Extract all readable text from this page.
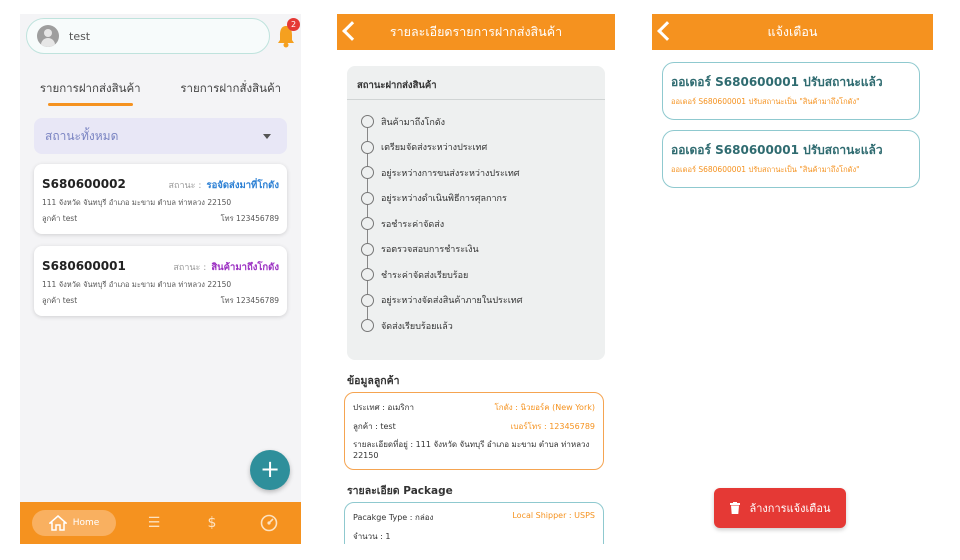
test
2
รายการฝากส่งสินค้า	รายการฝากสั่งสินค้า
สถานะทั้งหมด
S680600002	สถานะ : รอจัดส่งมาที่โกดัง
111 จังหวัด จันทบุรี อำเภอ มะขาม ตำบล ท่าหลวง 22150
ลูกค้า test	โทร 123456789
S680600001	สถานะ : สินค้ามาถึงโกดัง
111 จังหวัด จันทบุรี อำเภอ มะขาม ตำบล ท่าหลวง 22150
ลูกค้า test	โทร 123456789
+
Home	☰	$
รายละเอียดรายการฝากส่งสินค้า
สถานะฝากส่งสินค้า
สินค้ามาถึงโกดัง
เตรียมจัดส่งระหว่างประเทศ
อยู่ระหว่างการขนส่งระหว่างประเทศ
อยู่ระหว่างดำเนินพิธีการศุลกากร
รอชำระค่าจัดส่ง
รอตรวจสอบการชำระเงิน
ชำระค่าจัดส่งเรียบร้อย
อยู่ระหว่างจัดส่งสินค้าภายในประเทศ
จัดส่งเรียบร้อยแล้ว
ข้อมูลลูกค้า
ประเทศ : อเมริกา	โกดัง : นิวยอร์ค (New York)
ลูกค้า : test	เบอร์โทร : 123456789
รายละเอียดที่อยู่ : 111 จังหวัด จันทบุรี อำเภอ มะขาม ตำบล ท่าหลวง 22150
รายละเอียด Package
Pacakge Type : กล่อง	Local Shipper : USPS
จำนวน : 1
แจ้งเตือน
ออเดอร์ S680600001 ปรับสถานะแล้ว
ออเดอร์ S680600001 ปรับสถานะเป็น "สินค้ามาถึงโกดัง"
ออเดอร์ S680600001 ปรับสถานะแล้ว
ออเดอร์ S680600001 ปรับสถานะเป็น "สินค้ามาถึงโกดัง"
ล้างการแจ้งเตือน
